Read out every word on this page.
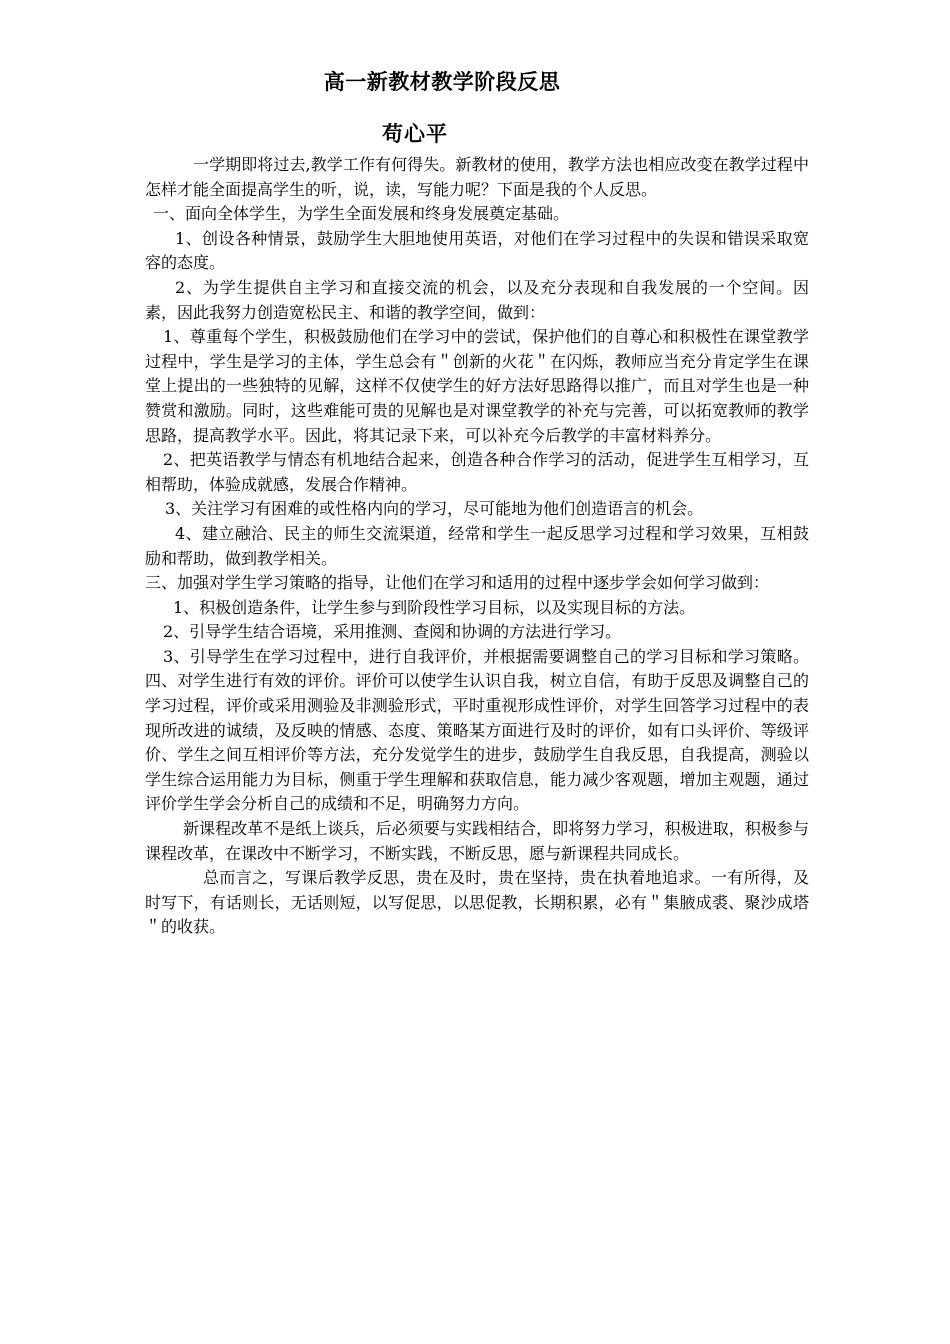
高一新教材教学阶段反思
苟心平

一学期即将过去,教学工作有何得失。新教材的使用，教学方法也相应改变在教学过程中怎样才能全面提高学生的听，说，读，写能力呢？下面是我的个人反思。

一、面向全体学生，为学生全面发展和终身发展奠定基础。

1、创设各种情景，鼓励学生大胆地使用英语，对他们在学习过程中的失误和错误采取宽容的态度。

2、为学生提供自主学习和直接交流的机会，以及充分表现和自我发展的一个空间。因素，因此我努力创造宽松民主、和谐的教学空间，做到：

1、尊重每个学生，积极鼓励他们在学习中的尝试，保护他们的自尊心和积极性在课堂教学过程中，学生是学习的主体，学生总会有＂创新的火花＂在闪烁，教师应当充分肯定学生在课堂上提出的一些独特的见解，这样不仅使学生的好方法好思路得以推广，而且对学生也是一种赞赏和激励。同时，这些难能可贵的见解也是对课堂教学的补充与完善，可以拓宽教师的教学思路，提高教学水平。因此，将其记录下来，可以补充今后教学的丰富材料养分。

2、把英语教学与情态有机地结合起来，创造各种合作学习的活动，促进学生互相学习，互相帮助，体验成就感，发展合作精神。

3、关注学习有困难的或性格内向的学习，尽可能地为他们创造语言的机会。

4、建立融洽、民主的师生交流渠道，经常和学生一起反思学习过程和学习效果，互相鼓励和帮助，做到教学相关。

三、加强对学生学习策略的指导，让他们在学习和适用的过程中逐步学会如何学习做到：

1、积极创造条件，让学生参与到阶段性学习目标，以及实现目标的方法。

2、引导学生结合语境，采用推测、查阅和协调的方法进行学习。

3、引导学生在学习过程中，进行自我评价，并根据需要调整自己的学习目标和学习策略。四、对学生进行有效的评价。评价可以使学生认识自我，树立自信，有助于反思及调整自己的学习过程，评价或采用测验及非测验形式，平时重视形成性评价，对学生回答学习过程中的表现所改进的诚绩，及反映的情感、态度、策略某方面进行及时的评价，如有口头评价、等级评价、学生之间互相评价等方法，充分发觉学生的进步，鼓励学生自我反思，自我提高，测验以学生综合运用能力为目标，侧重于学生理解和获取信息，能力减少客观题，增加主观题，通过评价学生学会分析自己的成绩和不足，明确努力方向。

新课程改革不是纸上谈兵，后必须要与实践相结合，即将努力学习，积极进取，积极参与课程改革，在课改中不断学习，不断实践，不断反思，愿与新课程共同成长。

总而言之，写课后教学反思，贵在及时，贵在坚持，贵在执着地追求。一有所得，及时写下，有话则长，无话则短，以写促思，以思促教，长期积累，必有＂集腋成裘、聚沙成塔＂的收获。
